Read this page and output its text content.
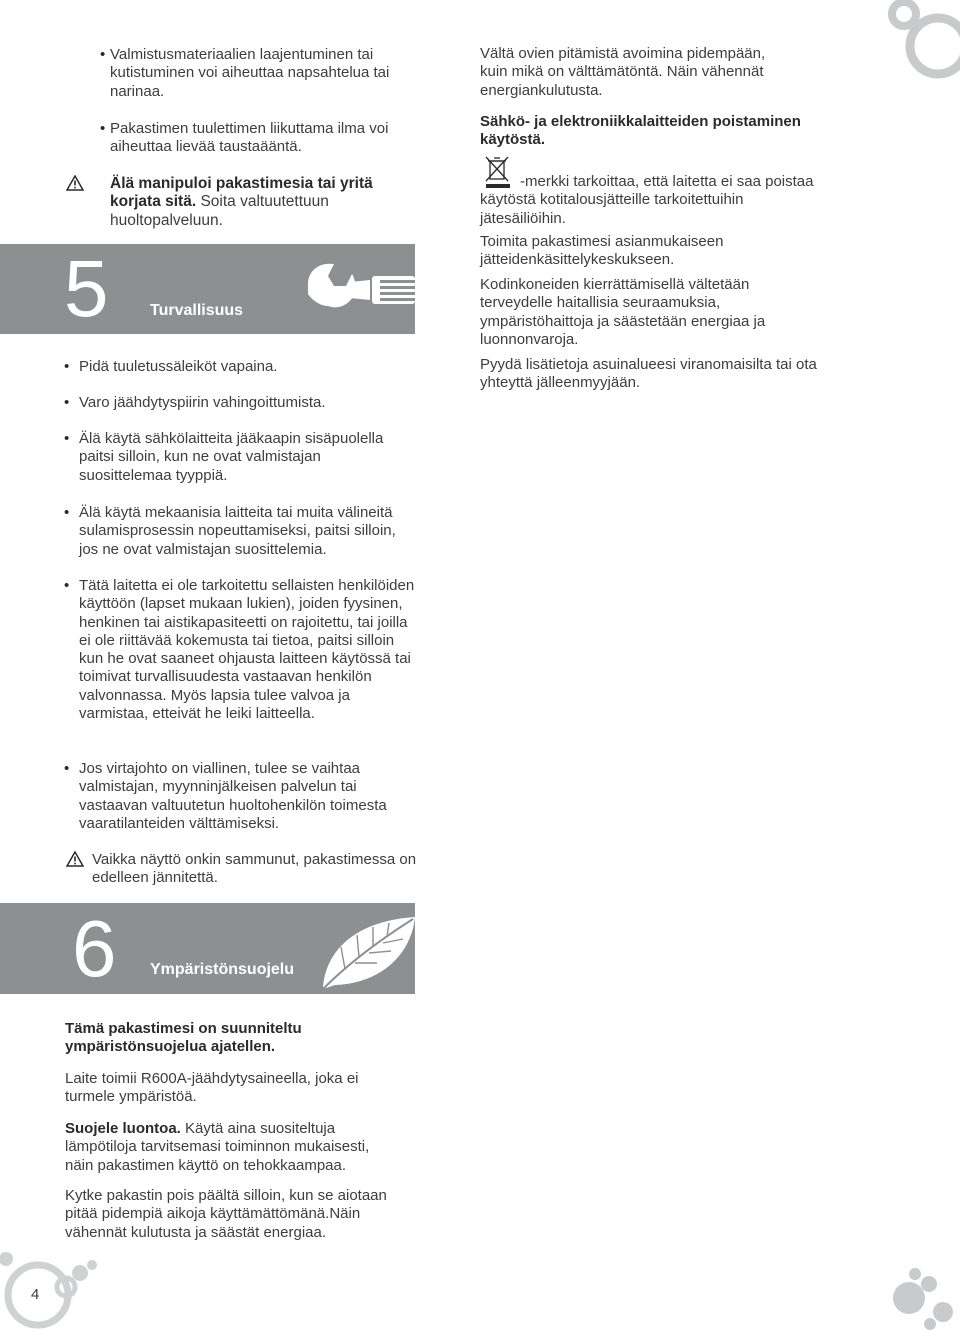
4
• Valmistusmateriaalien laajentuminen tai kutistuminen voi aiheuttaa napsahtelua tai narinaa.

• Pakastimen tuulettimen liikuttama ilma voi aiheuttaa lievää taustaääntä.

Älä manipuloi pakastimesia tai yritä korjata sitä. Soita valtuutettuun huoltopalveluun.

5	Turvallisuus
• Pidä tuuletussäleiköt vapaina.

• Varo jäähdytyspiirin vahingoittumista.

• Älä käytä sähkölaitteita jääkaapin sisäpuolella paitsi silloin, kun ne ovat valmistajan suosittelemaa tyyppiä.

• Älä käytä mekaanisia laitteita tai muita välineitä sulamisprosessin nopeuttamiseksi, paitsi silloin, jos ne ovat valmistajan suosittelemia.

• Tätä laitetta ei ole tarkoitettu sellaisten henkilöiden käyttöön (lapset mukaan lukien), joiden fyysinen, henkinen tai aistikapasiteetti on rajoitettu, tai joilla ei ole riittävää kokemusta tai tietoa, paitsi silloin kun he ovat saaneet ohjausta laitteen käytössä tai toimivat turvallisuudesta vastaavan henkilön valvonnassa. Myös lapsia tulee valvoa ja varmistaa, etteivät he leiki laitteella.

• Jos virtajohto on viallinen, tulee se vaihtaa valmistajan, myynninjälkeisen palvelun tai vastaavan valtuutetun huoltohenkilön toimesta vaaratilanteiden välttämiseksi.

Vaikka näyttö onkin sammunut, pakastimessa on edelleen jännitettä.

6 Ympäristönsuojelu

Tämä pakastimesi on suunniteltu ympäristönsuojelua ajatellen.

Laite toimii R600A-jäähdytysaineella, joka ei turmele ympäristöä.

Suojele luontoa. Käytä aina suositeltuja lämpötiloja tarvitsemasi toiminnon mukaisesti, näin pakastimen käyttö on tehokkaampaa.

Kytke pakastin pois päältä silloin, kun se aiotaan pitää pidempiä aikoja käyttämättömänä.Näin vähennät kulutusta ja säästät energiaa.

Vältä ovien pitämistä avoimina pidempään, kuin mikä on välttämätöntä. Näin vähennät energiankulutusta.

Sähkö- ja elektroniikkalaitteiden poistaminen käytöstä.

-merkki tarkoittaa, että laitetta ei saa poistaa käytöstä kotitalousjätteille tarkoitettuihin jätesäiliöihin.

Toimita pakastimesi asianmukaiseen jätteidenkäsittelykeskukseen.

Kodinkoneiden kierrättämisellä vältetään terveydelle haitallisia seuraamuksia, ympäristöhaittoja ja säästetään energiaa ja luonnonvaroja.

Pyydä lisätietoja asuinalueesi viranomaisilta tai ota yhteyttä jälleenmyyjään.
